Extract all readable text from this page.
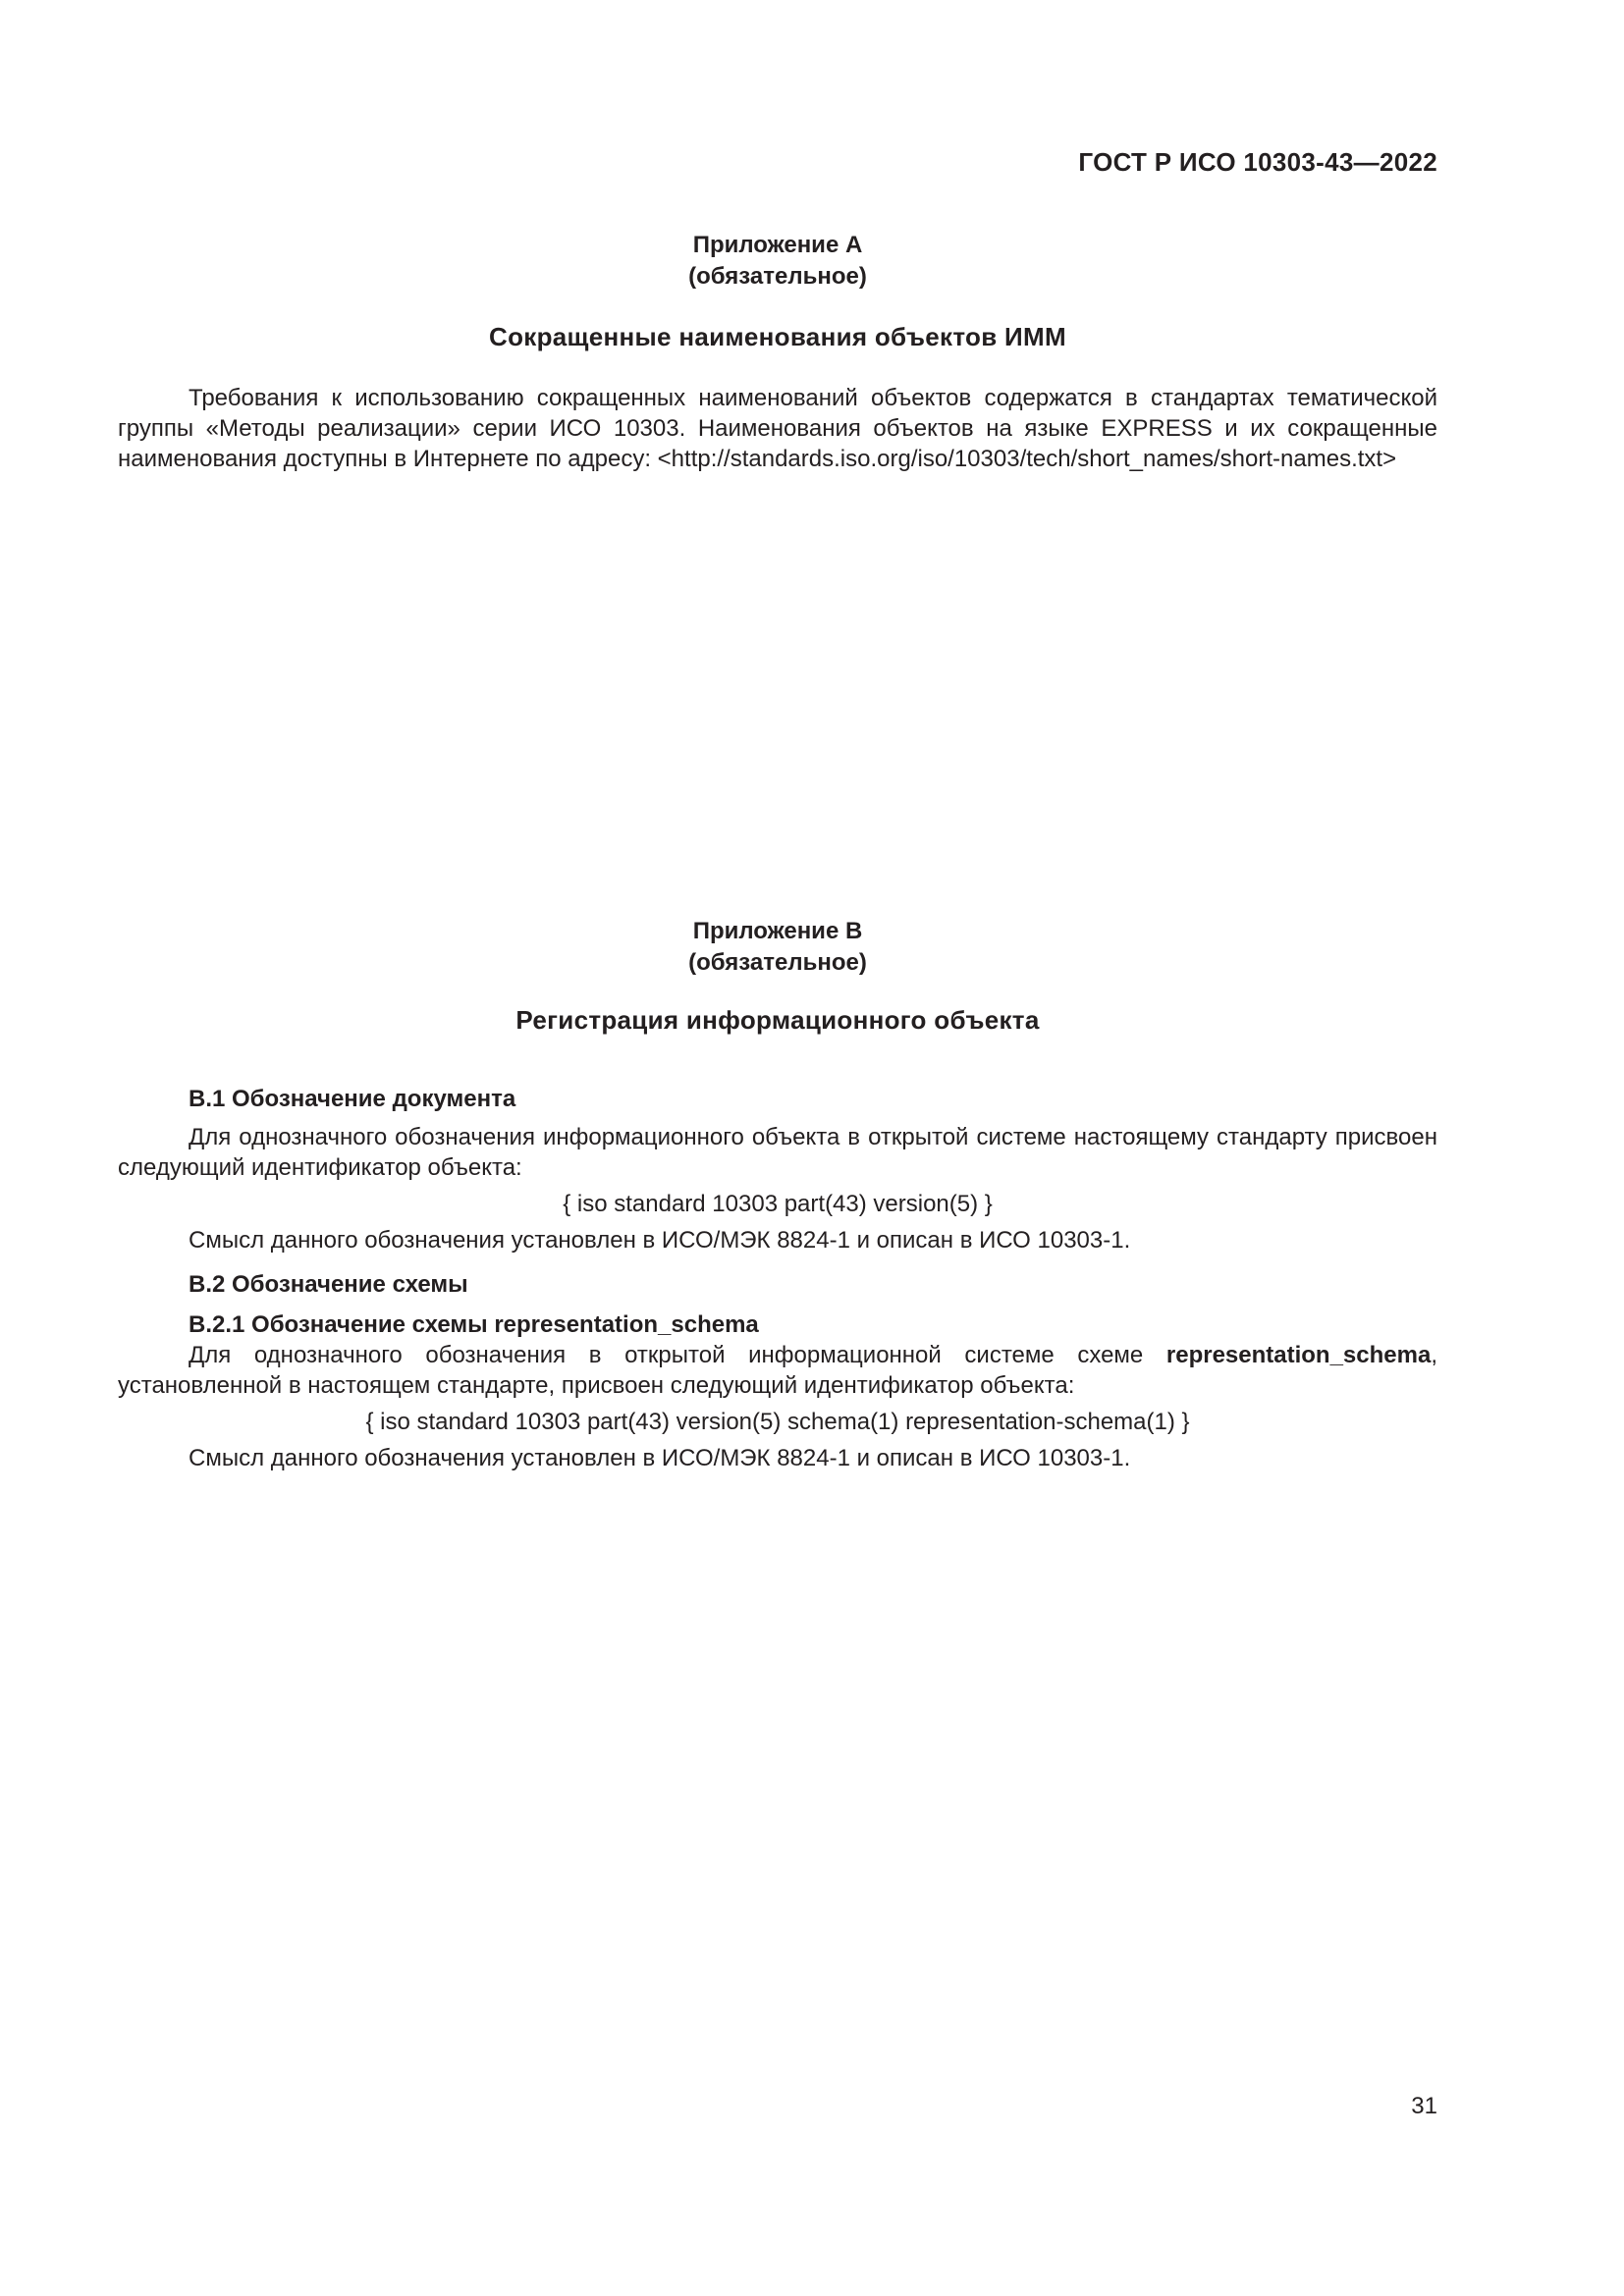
ГОСТ Р ИСО 10303-43—2022
Приложение А
(обязательное)
Сокращенные наименования объектов ИММ

Требования к использованию сокращенных наименований объектов содержатся в стандартах тематической группы «Методы реализации» серии ИСО 10303. Наименования объектов на языке EXPRESS и их сокращенные наименования доступны в Интернете по адресу: <http://standards.iso.org/iso/10303/tech/short_names/short-names.txt>

Приложение В
(обязательное)
Регистрация информационного объекта
В.1 Обозначение документа

Для однозначного обозначения информационного объекта в открытой системе настоящему стандарту присвоен следующий идентификатор объекта:

{ iso standard 10303 part(43) version(5) }

Смысл данного обозначения установлен в ИСО/МЭК 8824-1 и описан в ИСО 10303-1.

В.2 Обозначение схемы
В.2.1 Обозначение схемы representation_schema

Для однозначного обозначения в открытой информационной системе схеме representation_schema, установленной в настоящем стандарте, присвоен следующий идентификатор объекта:

{ iso standard 10303 part(43) version(5) schema(1) representation-schema(1) }

Смысл данного обозначения установлен в ИСО/МЭК 8824-1 и описан в ИСО 10303-1.

31
